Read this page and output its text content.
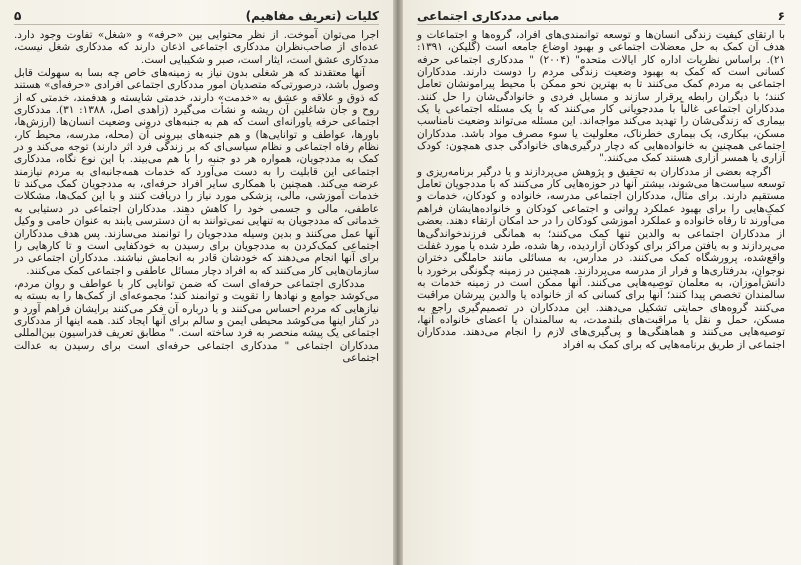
کلیات (تعریف مفاهیم)
۵

اجرا می‌توان آموخت. از نظر محتوایی بین «حرفه» و «شغل» تفاوت وجود دارد. عده‌ای از صاحب‌نظران مددکاری اجتماعی اذعان دارند که مددکاری شغل نیست، مددکاری عشق است، ایثار است، صبر و شکیبایی است.

آنها معتقدند که هر شغلی بدون نیاز به زمینه‌های خاص چه بسا به سهولت قابل وصول باشد، درصورتی‌که متصدیان امور مددکاری اجتماعی افرادی «حرفه‌ای» هستند که ذوق و علاقه و عشق به «خدمت» دارند، خدمتی شایسته و هدفمند، خدمتی که از روح و جان شاغلین آن ریشه و نشأت می‌گیرد (زاهدی اصل، ۱۳۸۸: ۳۱). مددکاری اجتماعی حرفه یاورانه‌ای است که هم به جنبه‌های درونی وضعیت انسان‌ها (ارزش‌ها، باورها، عواطف و توانایی‌ها) و هم جنبه‌های بیرونی آن (محله، مدرسه، محیط کار، نظام رفاه اجتماعی و نظام سیاسی‌ای که بر زندگی فرد اثر دارند) توجه می‌کند و در کمک به مددجویان، همواره هر دو جنبه را با هم می‌بیند. با این نوع نگاه، مددکاری اجتماعی این قابلیت را به دست می‌آورد که خدمات همه‌جانبه‌ای به مردم نیازمند عرضه می‌کند. همچنین با همکاری سایر افراد حرفه‌ای، به مددجویان کمک می‌کند تا خدمات آموزشی، مالی، پزشکی مورد نیاز را دریافت کنند و با این کمک‌ها، مشکلات عاطفی، مالی و جسمی خود را کاهش دهند. مددکاران اجتماعی در دستیابی به خدماتی که مددجویان به تنهایی نمی‌توانند به آن دسترسی یابند به عنوان حامی و وکیل آنها عمل می‌کنند و بدین وسیله مددجویان را توانمند می‌سازند. پس هدف مددکاران اجتماعی کمک‌کردن به مددجویان برای رسیدن به خودکفایی است و تا کارهایی را برای آنها انجام می‌دهند که خودشان قادر به انجامش نباشند. مددکاران اجتماعی در سازمان‌هایی کار می‌کنند که به افراد دچار مسائل عاطفی و اجتماعی کمک می‌کنند.

مددکاری اجتماعی حرفه‌ای است که ضمن توانایی کار با عواطف و روان مردم، می‌کوشد جوامع و نهادها را تقویت و توانمند کند؛ مجموعه‌ای از کمک‌ها را به بسته به نیازهایی که مردم احساس می‌کنند و یا درباره آن فکر می‌کنند برایشان فراهم آورد و در کنار اینها می‌کوشد محیطی ایمن و سالم برای آنها ایجاد کند. همه اینها از مددکاری اجتماعی یک پیشه منحصر به فرد ساخته است. " مطابق تعریف فدراسیون بین‌المللی مددکاران اجتماعی " مددکاری اجتماعی حرفه‌ای است برای رسیدن به عدالت اجتماعی

۶
مبانی مددکاری اجتماعی

با ارتقای کیفیت زندگی انسان‌ها و توسعه توانمندی‌های افراد، گروه‌ها و اجتماعات و هدف آن کمک به حل معضلات اجتماعی و بهبود اوضاع جامعه است (گلیکن، ۱۳۹۱: ۲۱). براساس نظریات اداره کار ایالات متحده" (۲۰۰۴) " مددکاری اجتماعی حرفه کسانی است که کمک به بهبود وضعیت زندگی مردم را دوست دارند. مددکاران اجتماعی به مردم کمک می‌کنند تا به بهترین نحو ممکن با محیط پیرامونشان تعامل کنند؛ با دیگران رابطه برقرار سازند و مسایل فردی و خانوادگی‌شان را حل کنند. مددکاران اجتماعی غالباً با مددجویانی کار می‌کنند که با یک مسئله اجتماعی یا یک بیماری که زندگی‌شان را تهدید می‌کند مواجه‌اند. این مسئله می‌تواند وضعیت نامناسب مسکن، بیکاری، یک بیماری خطرناک، معلولیت یا سوء مصرف مواد باشد. مددکاران اجتماعی همچنین به خانواده‌هایی که دچار درگیری‌های خانوادگی جدی همچون: کودک آزاری یا همسر آزاری هستند کمک می‌کنند."

اگرچه بعضی از مددکاران به تحقیق و پژوهش می‌پردازند و یا درگیر برنامه‌ریزی و توسعه سیاست‌ها می‌شوند، بیشتر آنها در حوزه‌هایی کار می‌کنند که با مددجویان تعامل مستقیم دارند. برای مثال، مددکاران اجتماعی مدرسه، خانواده و کودکان، خدمات و کمک‌هایی را برای بهبود عملکرد روانی و اجتماعی کودکان و خانواده‌هایشان فراهم می‌آورند تا رفاه خانواده و عملکرد آموزشی کودکان را در حد امکان ارتقاء دهند. بعضی از مددکاران اجتماعی به والدین تنها کمک می‌کنند؛ به همانگی فرزندخواندگی‌ها می‌پردازند و به یافتن مراکز برای کودکان آزاردیده، رها شده، طرد شده یا مورد غفلت واقع‌شده، پرورشگاه کمک می‌کنند. در مدارس، به مسائلی مانند حاملگی دختران نوجوان، بدرفتاری‌ها و فرار از مدرسه می‌پردازند. همچنین در زمینه چگونگی برخورد با دانش‌آموزان، به معلمان توصیه‌هایی می‌کنند. آنها ممکن است در زمینه خدمات به سالمندان تخصص پیدا کنند؛ آنها برای کسانی که از خانواده یا والدین پیرشان مراقبت می‌کنند گروه‌های حمایتی تشکیل می‌دهند. این مددکاران در تصمیم‌گیری راجع به مسکن، حمل و نقل یا مراقبت‌های بلندمدت، به سالمندان یا اعضای خانواده آنها، توصیه‌هایی می‌کنند و هماهنگی‌ها و پی‌گیری‌های لازم را انجام می‌دهند. مددکاران اجتماعی از طریق برنامه‌هایی که برای کمک به افراد
